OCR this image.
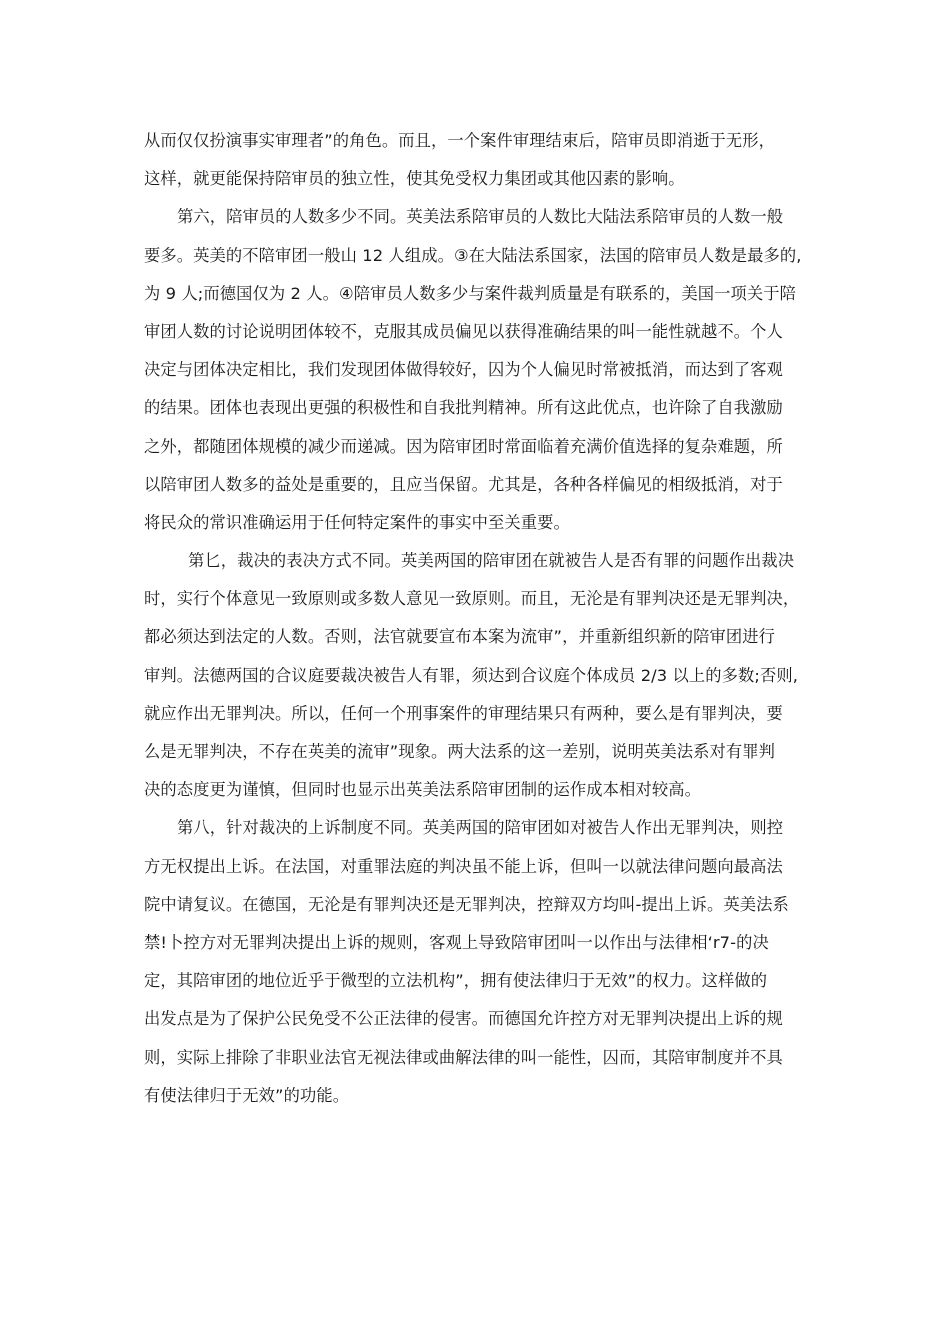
从而仅仅扮演事实审理者”的角色。而且，一个案件审理结束后，陪审员即消逝于无形，
这样，就更能保持陪审员的独立性，使其免受权力集团或其他囚素的影响。
第六，陪审员的人数多少不同。英美法系陪审员的人数比大陆法系陪审员的人数一般
要多。英美的不陪审团一般山 12 人组成。③在大陆法系国家，法国的陪审员人数是最多的,
为 9 人;而德国仅为 2 人。④陪审员人数多少与案件裁判质量是有联系的，美国一项关于陪
审团人数的讨论说明团体较不，克服其成员偏见以获得准确结果的叫一能性就越不。个人
决定与团体决定相比，我们发现团体做得较好，囚为个人偏见时常被抵消，而达到了客观
的结果。团体也表现出更强的积极性和自我批判精神。所有这此优点，也许除了自我激励
之外，都随团体规模的减少而递减。因为陪审团时常面临着充满价值选择的复杂难题，所
以陪审团人数多的益处是重要的，且应当保留。尤其是，各种各样偏见的相级抵消，对于
将民众的常识准确运用于任何特定案件的事实中至关重要。
第匕，裁决的表决方式不同。英美两国的陪审团在就被告人是否有罪的问题作出裁决
时，实行个体意见一致原则或多数人意见一致原则。而且，无沦是有罪判决还是无罪判决，
都必须达到法定的人数。否则，法官就要宣布本案为流审”，并重新组织新的陪审团进行
审判。法德两国的合议庭要裁决被告人有罪，须达到合议庭个体成员 2/3 以上的多数;否则,
就应作出无罪判决。所以，任何一个刑事案件的审理结果只有两种，要么是有罪判决，要
么是无罪判决，不存在英美的流审”现象。两大法系的这一差别，说明英美法系对有罪判
决的态度更为谨慎，但同时也显示出英美法系陪审团制的运作成本相对较高。
第八，针对裁决的上诉制度不同。英美两国的陪审团如对被告人作出无罪判决，则控
方无权提出上诉。在法国，对重罪法庭的判决虽不能上诉，但叫一以就法律问题向最高法
院中请复议。在德国，无沦是有罪判决还是无罪判决，控辩双方均叫-提出上诉。英美法系
禁!卜控方对无罪判决提出上诉的规则，客观上导致陪审团叫一以作出与法律相‘r7-的决
定，其陪审团的地位近乎于微型的立法机构”，拥有使法律归于无效”的权力。这样做的
出发点是为了保护公民免受不公正法律的侵害。而德国允许控方对无罪判决提出上诉的规
则，实际上排除了非职业法官无视法律或曲解法律的叫一能性，囚而，其陪审制度并不具
有使法律归于无效”的功能。
